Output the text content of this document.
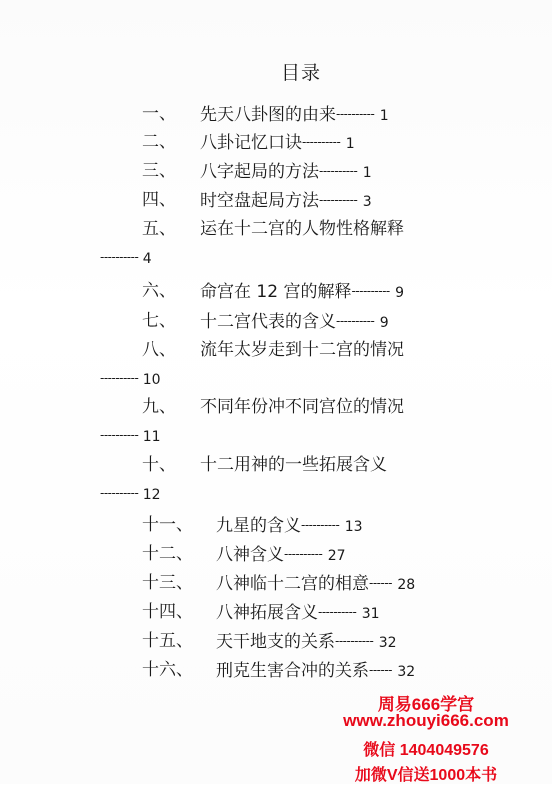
目录
一、 先天八卦图的由来---------- 1
二、 八卦记忆口诀---------- 1
三、 八字起局的方法---------- 1
四、 时空盘起局方法---------- 3
五、 运在十二宫的人物性格解释
---------- 4
六、 命宫在 12 宫的解释---------- 9
七、 十二宫代表的含义---------- 9
八、 流年太岁走到十二宫的情况
---------- 10
九、 不同年份冲不同宫位的情况
---------- 11
十、 十二用神的一些拓展含义
---------- 12
十一、 九星的含义---------- 13
十二、 八神含义---------- 27
十三、 八神临十二宫的相意------ 28
十四、 八神拓展含义---------- 31
十五、 天干地支的关系---------- 32
十六、 刑克生害合冲的关系------ 32
周易666学宫
www.zhouyi666.com
微信 1404049576
加微V信送1000本书
